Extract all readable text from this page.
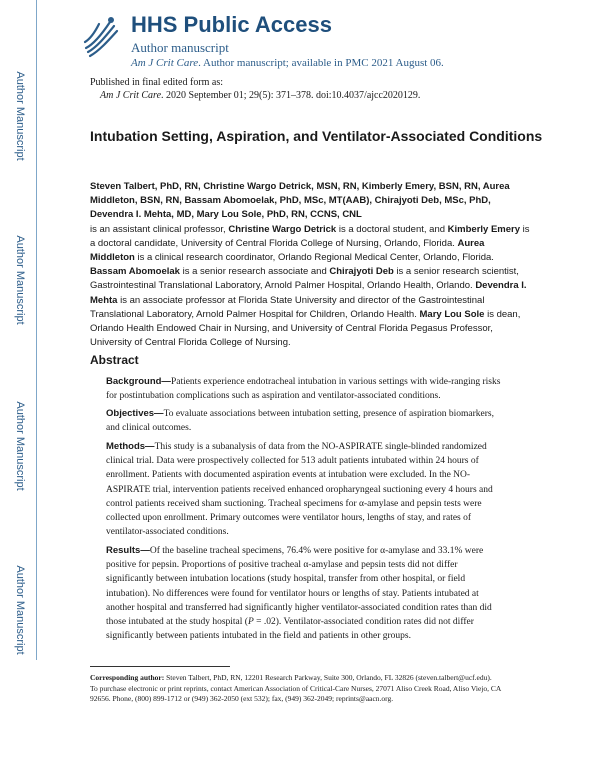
Author Manuscript
Author Manuscript
Author Manuscript
Author Manuscript
HHS Public Access
Author manuscript
Am J Crit Care. Author manuscript; available in PMC 2021 August 06.
Published in final edited form as:
Am J Crit Care. 2020 September 01; 29(5): 371–378. doi:10.4037/ajcc2020129.
Intubation Setting, Aspiration, and Ventilator-Associated Conditions
Steven Talbert, PhD, RN, Christine Wargo Detrick, MSN, RN, Kimberly Emery, BSN, RN, Aurea Middleton, BSN, RN, Bassam Abomoelak, PhD, MSc, MT(AAB), Chirajyoti Deb, MSc, PhD, Devendra I. Mehta, MD, Mary Lou Sole, PhD, RN, CCNS, CNL
is an assistant clinical professor, Christine Wargo Detrick is a doctoral student, and Kimberly Emery is a doctoral candidate, University of Central Florida College of Nursing, Orlando, Florida. Aurea Middleton is a clinical research coordinator, Orlando Regional Medical Center, Orlando, Florida. Bassam Abomoelak is a senior research associate and Chirajyoti Deb is a senior research scientist, Gastrointestinal Translational Laboratory, Arnold Palmer Hospital, Orlando Health, Orlando. Devendra I. Mehta is an associate professor at Florida State University and director of the Gastrointestinal Translational Laboratory, Arnold Palmer Hospital for Children, Orlando Health. Mary Lou Sole is dean, Orlando Health Endowed Chair in Nursing, and University of Central Florida Pegasus Professor, University of Central Florida College of Nursing.
Abstract

Background—Patients experience endotracheal intubation in various settings with wide-ranging risks for postintubation complications such as aspiration and ventilator-associated conditions.

Objectives—To evaluate associations between intubation setting, presence of aspiration biomarkers, and clinical outcomes.

Methods—This study is a subanalysis of data from the NO-ASPIRATE single-blinded randomized clinical trial. Data were prospectively collected for 513 adult patients intubated within 24 hours of enrollment. Patients with documented aspiration events at intubation were excluded. In the NO-ASPIRATE trial, intervention patients received enhanced oropharyngeal suctioning every 4 hours and control patients received sham suctioning. Tracheal specimens for α-amylase and pepsin tests were collected upon enrollment. Primary outcomes were ventilator hours, lengths of stay, and rates of ventilator-associated conditions.

Results—Of the baseline tracheal specimens, 76.4% were positive for α-amylase and 33.1% were positive for pepsin. Proportions of positive tracheal α-amylase and pepsin tests did not differ significantly between intubation locations (study hospital, transfer from other hospital, or field intubation). No differences were found for ventilator hours or lengths of stay. Patients intubated at another hospital and transferred had significantly higher ventilator-associated condition rates than did those intubated at the study hospital (P = .02). Ventilator-associated condition rates did not differ significantly between patients intubated in the field and patients in other groups.

Corresponding author: Steven Talbert, PhD, RN, 12201 Research Parkway, Suite 300, Orlando, FL 32826 (steven.talbert@ucf.edu).
To purchase electronic or print reprints, contact American Association of Critical-Care Nurses, 27071 Aliso Creek Road, Aliso Viejo, CA 92656. Phone, (800) 899-1712 or (949) 362-2050 (ext 532); fax, (949) 362-2049; reprints@aacn.org.
